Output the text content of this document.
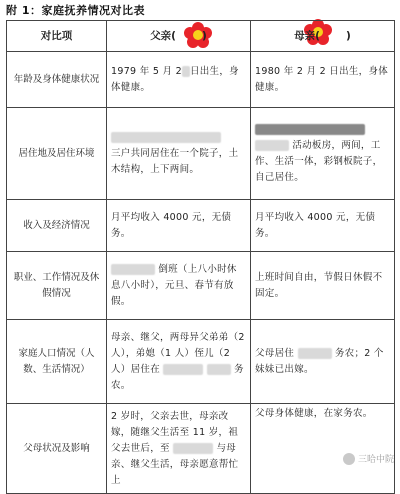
附 1：家庭抚养情况对比表
对比项	父亲( )	母亲( )
年龄及身体健康状况	1979 年 5 月 2 日出生，身体健康。	1980 年 2 月 2 日出生，身体健康。
居住地及居住环境	三户共同居住在一个院子，土木结构，上下两间。	活动板房，两间，工作、生活一体，彩钢板院子，自己居住。
收入及经济情况	月平均收入 4000 元，无债务。	月平均收入 4000 元，无债务。
职业、工作情况及休假情况	倒班（上八小时休息八小时），元旦、春节有放假。	上班时间自由，节假日休假不固定。
家庭人口情况（人数、生活情况）	母亲、继父，两母异父弟弟（2 人），弟媳（1 人）侄儿（2 人）居住在 务农。	父母居住 务农；2 个妹妹已出嫁。
父母状况及影响	2 岁时，父亲去世，母亲改嫁，随继父生活至 11 岁，祖父去世后，至 与母亲、继父生活，母亲愿意帮忙上	父母身体健康，在家务农。
三哈中院
